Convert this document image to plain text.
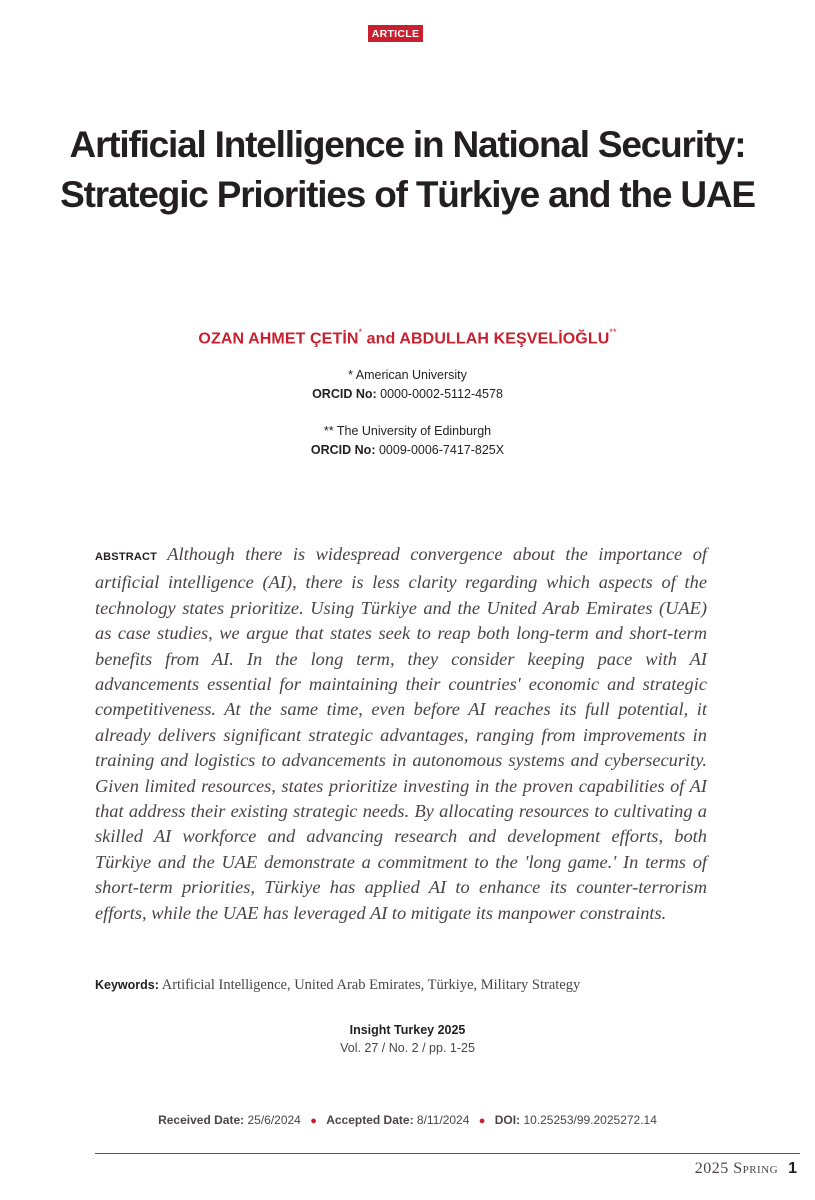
ARTICLE
Artificial Intelligence in National Security: Strategic Priorities of Türkiye and the UAE
OZAN AHMET ÇETİN* and ABDULLAH KEŞVELİOĞLU**
* American University
ORCID No: 0000-0002-5112-4578
** The University of Edinburgh
ORCID No: 0009-0006-7417-825X

ABSTRACT Although there is widespread convergence about the importance of artificial intelligence (AI), there is less clarity regarding which aspects of the technology states prioritize. Using Türkiye and the United Arab Emirates (UAE) as case studies, we argue that states seek to reap both long-term and short-term benefits from AI. In the long term, they consider keeping pace with AI advancements essential for maintaining their countries' economic and strategic competitiveness. At the same time, even before AI reaches its full potential, it already delivers significant strategic advantages, ranging from improvements in training and logistics to advancements in autonomous systems and cybersecurity. Given limited resources, states prioritize investing in the proven capabilities of AI that address their existing strategic needs. By allocating resources to cultivating a skilled AI workforce and advancing research and development efforts, both Türkiye and the UAE demonstrate a commitment to the 'long game.' In terms of short-term priorities, Türkiye has applied AI to enhance its counter-terrorism efforts, while the UAE has leveraged AI to mitigate its manpower constraints.

Keywords: Artificial Intelligence, United Arab Emirates, Türkiye, Military Strategy
Insight Turkey 2025
Vol. 27 / No. 2 / pp. 1-25
Received Date: 25/6/2024 ● Accepted Date: 8/11/2024 ● DOI: 10.25253/99.2025272.14
2025 Spring 1
